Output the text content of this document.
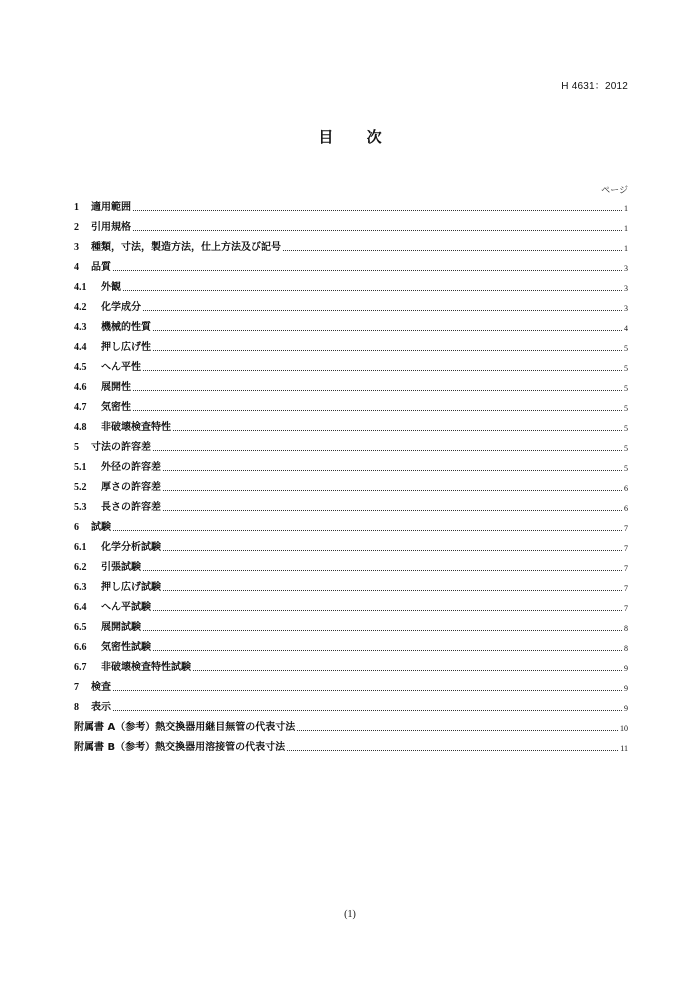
H 4631：2012
目 次
ページ
1	適用範囲	1
2	引用規格	1
3	種類，寸法，製造方法，仕上方法及び記号	1
4	品質	3
4.1	外観	3
4.2	化学成分	3
4.3	機械的性質	4
4.4	押し広げ性	5
4.5	へん平性	5
4.6	展開性	5
4.7	気密性	5
4.8	非破壊検査特性	5
5	寸法の許容差	5
5.1	外径の許容差	5
5.2	厚さの許容差	6
5.3	長さの許容差	6
6	試験	7
6.1	化学分析試験	7
6.2	引張試験	7
6.3	押し広げ試験	7
6.4	へん平試験	7
6.5	展開試験	8
6.6	気密性試験	8
6.7	非破壊検査特性試験	9
7	検査	9
8	表示	9
附属書 A（参考）熱交換器用継目無管の代表寸法	10
附属書 B（参考）熱交換器用溶接管の代表寸法	11
(1)
